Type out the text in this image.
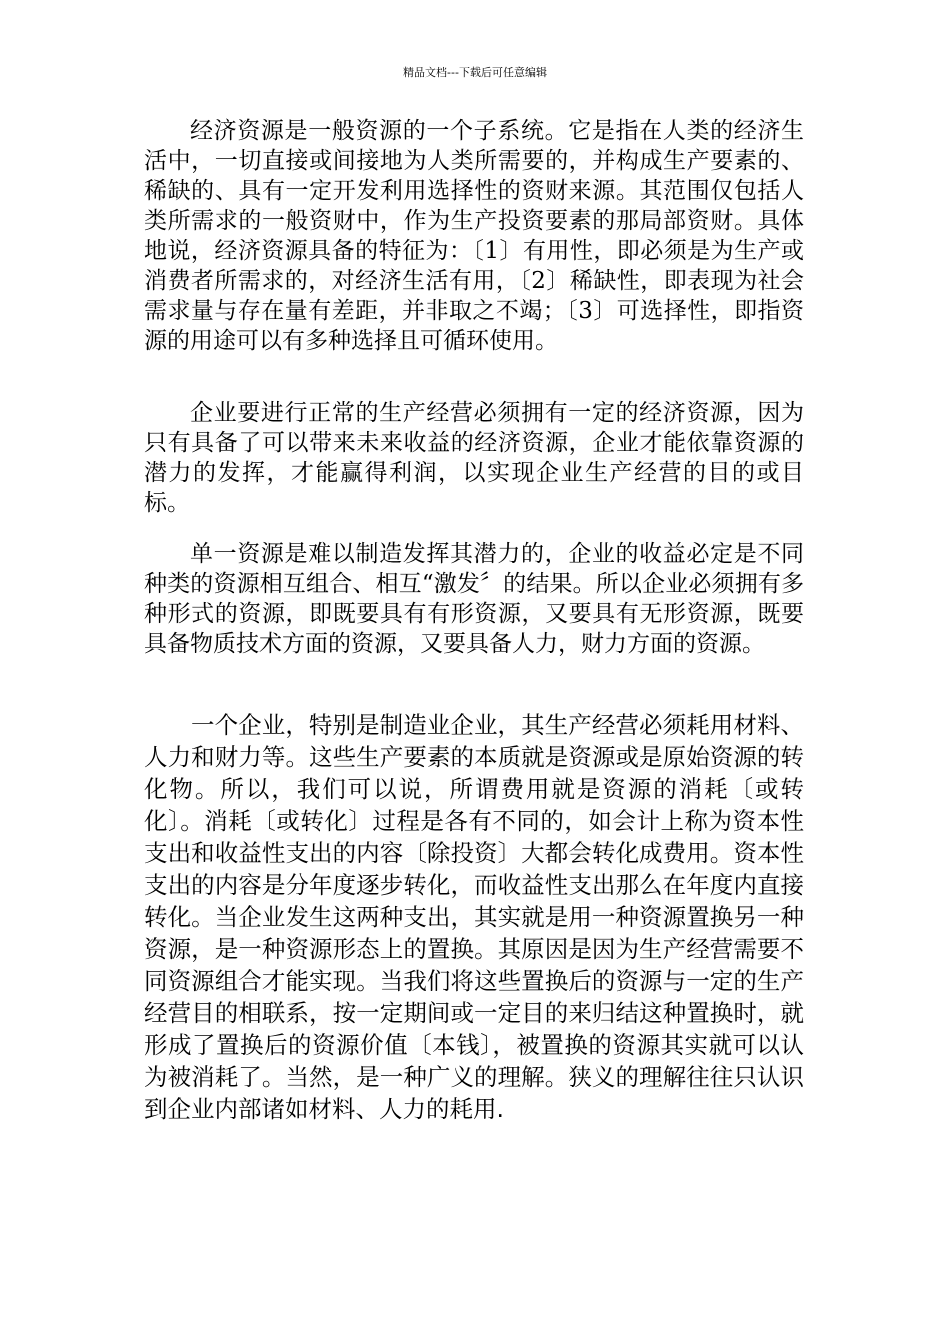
精品文档---下载后可任意编辑

经济资源是一般资源的一个子系统。它是指在人类的经济生活中，一切直接或间接地为人类所需要的，并构成生产要素的、稀缺的、具有一定开发利用选择性的资财来源。其范围仅包括人类所需求的一般资财中，作为生产投资要素的那局部资财。具体地说，经济资源具备的特征为：〔1〕有用性，即必须是为生产或消费者所需求的，对经济生活有用，〔2〕稀缺性，即表现为社会需求量与存在量有差距，并非取之不竭；〔3〕可选择性，即指资源的用途可以有多种选择且可循环使用。

企业要进行正常的生产经营必须拥有一定的经济资源，因为只有具备了可以带来未来收益的经济资源，企业才能依靠资源的潜力的发挥，才能赢得利润，以实现企业生产经营的目的或目标。

单一资源是难以制造发挥其潜力的，企业的收益必定是不同种类的资源相互组合、相互“激发〞的结果。所以企业必须拥有多种形式的资源，即既要具有有形资源，又要具有无形资源，既要具备物质技术方面的资源，又要具备人力，财力方面的资源。

一个企业，特别是制造业企业，其生产经营必须耗用材料、人力和财力等。这些生产要素的本质就是资源或是原始资源的转化物。所以，我们可以说，所谓费用就是资源的消耗〔或转化〕。消耗〔或转化〕过程是各有不同的，如会计上称为资本性支出和收益性支出的内容〔除投资〕大都会转化成费用。资本性支出的内容是分年度逐步转化，而收益性支出那么在年度内直接转化。当企业发生这两种支出，其实就是用一种资源置换另一种资源，是一种资源形态上的置换。其原因是因为生产经营需要不同资源组合才能实现。当我们将这些置换后的资源与一定的生产经营目的相联系，按一定期间或一定目的来归结这种置换时，就形成了置换后的资源价值〔本钱〕，被置换的资源其实就可以认为被消耗了。当然，是一种广义的理解。狭义的理解往往只认识到企业内部诸如材料、人力的耗用.
